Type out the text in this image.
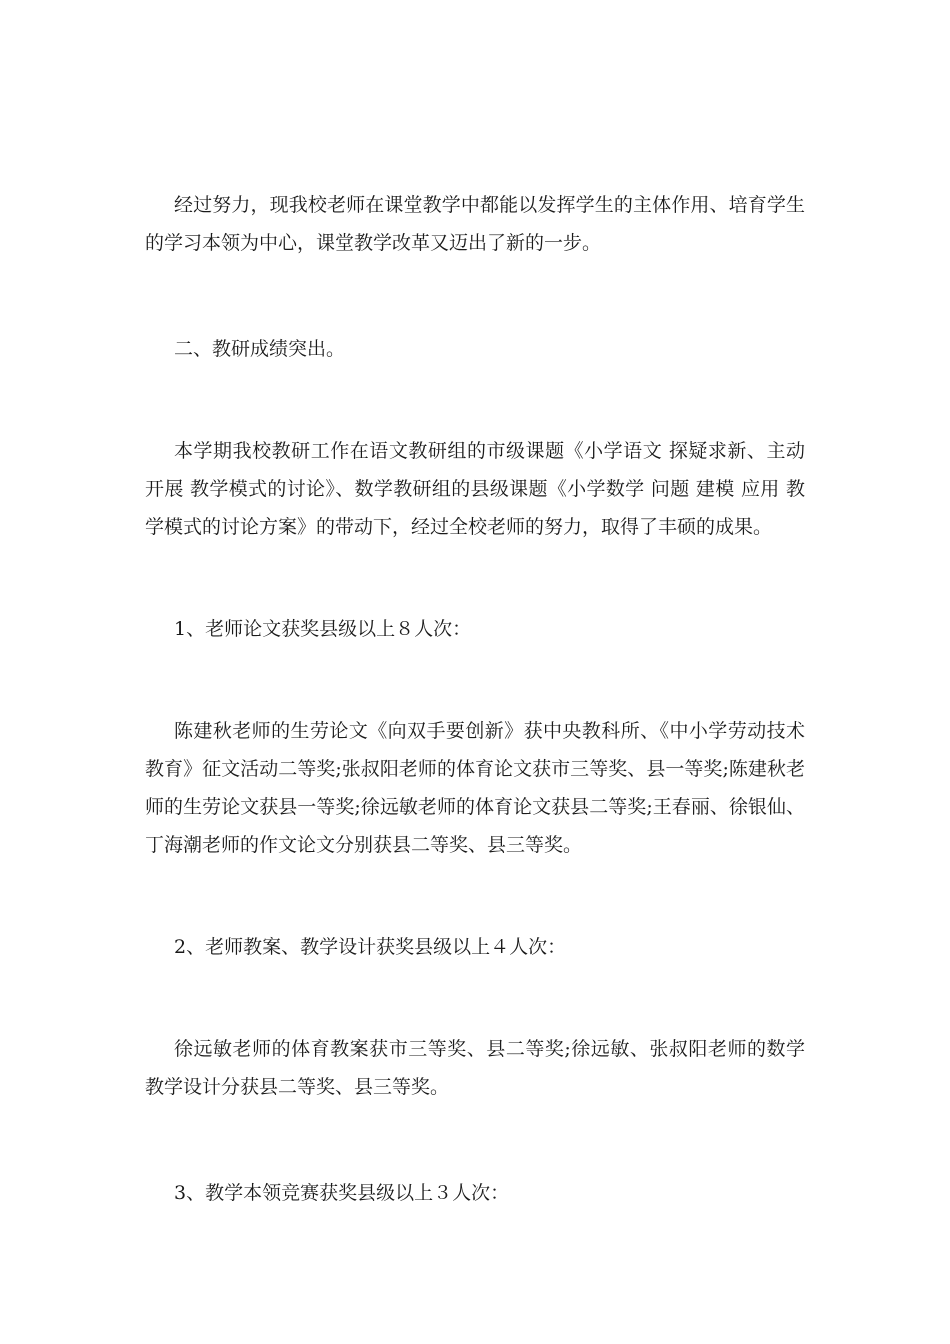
经过努力，现我校老师在课堂教学中都能以发挥学生的主体作用、培育学生的学习本领为中心，课堂教学改革又迈出了新的一步。

二、教研成绩突出。

本学期我校教研工作在语文教研组的市级课题《小学语文 探疑求新、主动开展 教学模式的讨论》、数学教研组的县级课题《小学数学 问题 建模 应用 教学模式的讨论方案》的带动下，经过全校老师的努力，取得了丰硕的成果。

1、老师论文获奖县级以上８人次：

陈建秋老师的生劳论文《向双手要创新》获中央教科所、《中小学劳动技术教育》征文活动二等奖;张叔阳老师的体育论文获市三等奖、县一等奖;陈建秋老师的生劳论文获县一等奖;徐远敏老师的体育论文获县二等奖;王春丽、徐银仙、丁海潮老师的作文论文分别获县二等奖、县三等奖。

2、老师教案、教学设计获奖县级以上４人次：

徐远敏老师的体育教案获市三等奖、县二等奖;徐远敏、张叔阳老师的数学教学设计分获县二等奖、县三等奖。

3、教学本领竞赛获奖县级以上３人次：
